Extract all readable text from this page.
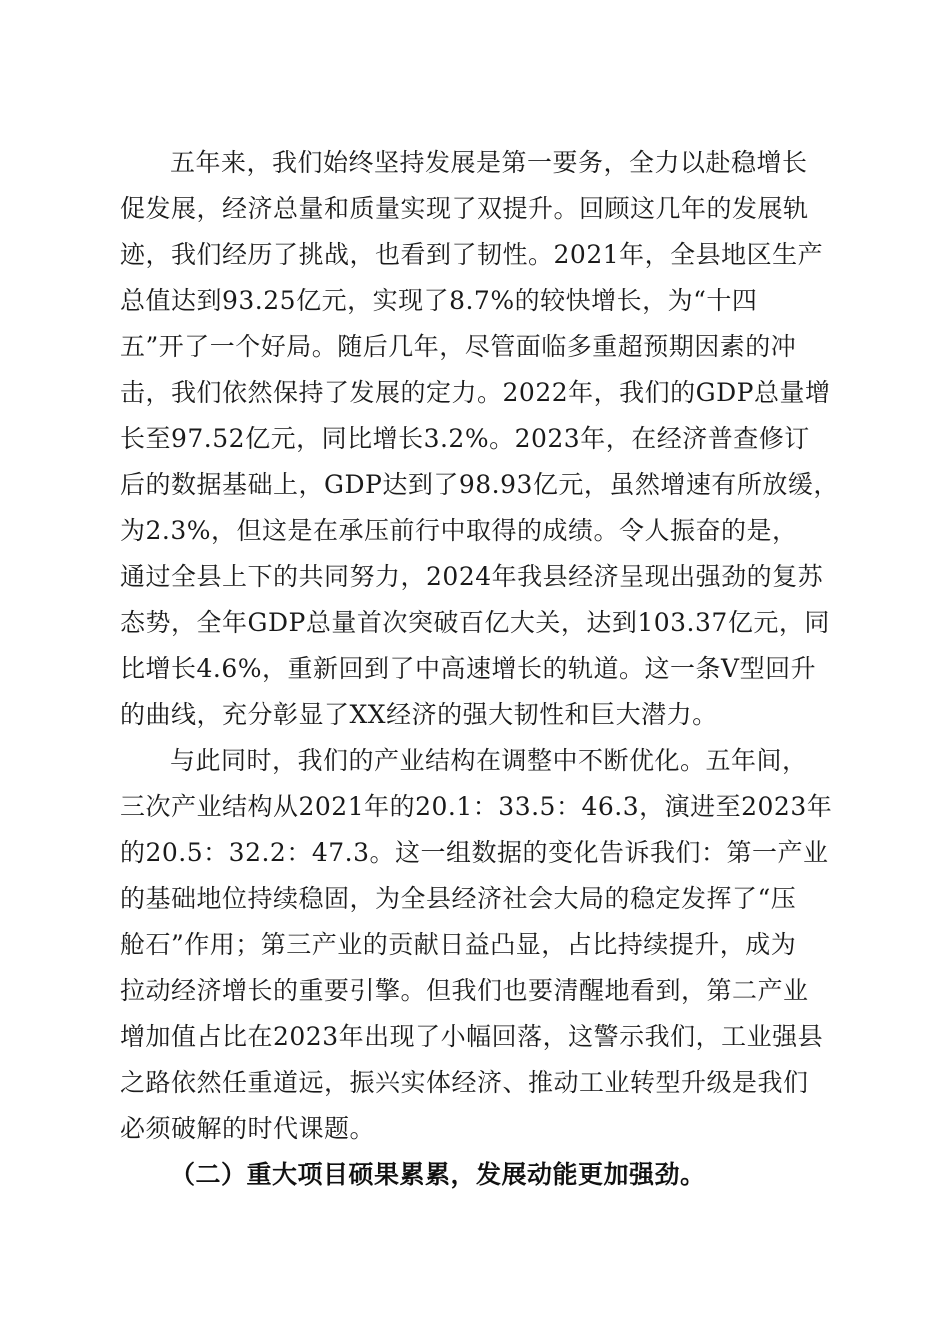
五年来，我们始终坚持发展是第一要务，全力以赴稳增长
促发展，经济总量和质量实现了双提升。回顾这几年的发展轨
迹，我们经历了挑战，也看到了韧性。2021年，全县地区生产
总值达到93.25亿元，实现了8.7%的较快增长，为“十四
五”开了一个好局。随后几年，尽管面临多重超预期因素的冲
击，我们依然保持了发展的定力。2022年，我们的GDP总量增
长至97.52亿元，同比增长3.2%。2023年，在经济普查修订
后的数据基础上，GDP达到了98.93亿元，虽然增速有所放缓，
为2.3%，但这是在承压前行中取得的成绩。令人振奋的是，
通过全县上下的共同努力，2024年我县经济呈现出强劲的复苏
态势，全年GDP总量首次突破百亿大关，达到103.37亿元，同
比增长4.6%，重新回到了中高速增长的轨道。这一条V型回升
的曲线，充分彰显了XX经济的强大韧性和巨大潜力。
与此同时，我们的产业结构在调整中不断优化。五年间，
三次产业结构从2021年的20.1：33.5：46.3，演进至2023年
的20.5：32.2：47.3。这一组数据的变化告诉我们：第一产业
的基础地位持续稳固，为全县经济社会大局的稳定发挥了“压
舱石”作用；第三产业的贡献日益凸显，占比持续提升，成为
拉动经济增长的重要引擎。但我们也要清醒地看到，第二产业
增加值占比在2023年出现了小幅回落，这警示我们，工业强县
之路依然任重道远，振兴实体经济、推动工业转型升级是我们
必须破解的时代课题。
（二）重大项目硕果累累，发展动能更加强劲。
